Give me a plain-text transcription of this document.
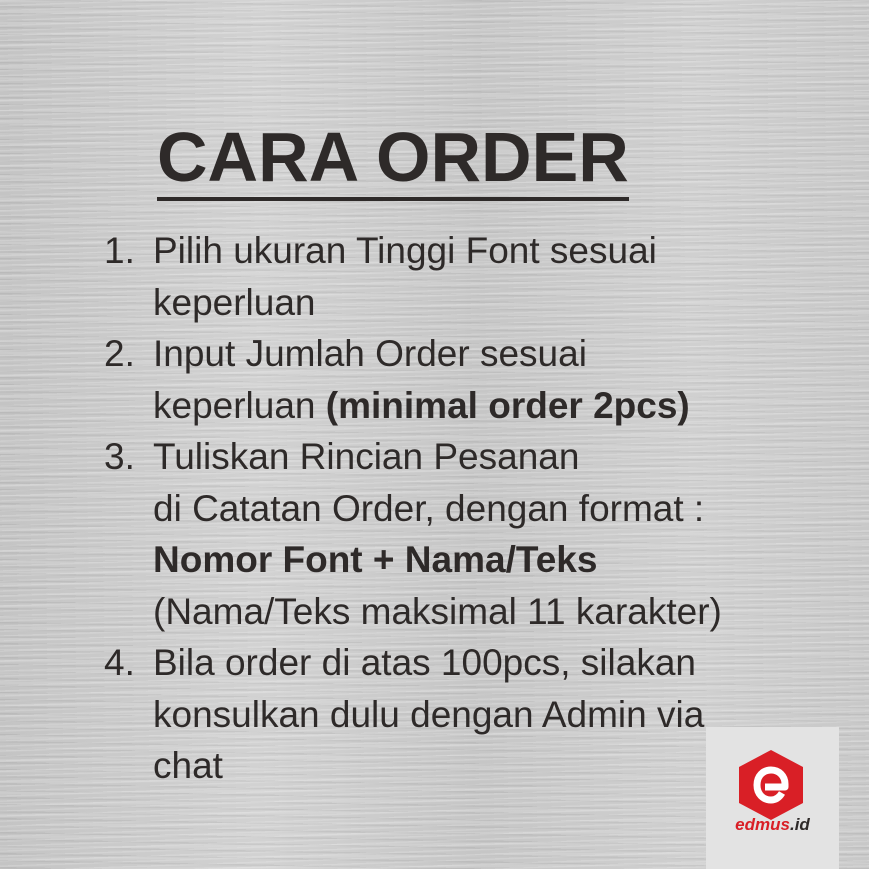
CARA ORDER
1. Pilih ukuran Tinggi Font sesuai
keperluan
2. Input Jumlah Order sesuai
keperluan (minimal order 2pcs)
3. Tuliskan Rincian Pesanan
di Catatan Order, dengan format :
Nomor Font + Nama/Teks
(Nama/Teks maksimal 11 karakter)
4. Bila order di atas 100pcs, silakan
konsulkan dulu dengan Admin via
chat
edmus.id
